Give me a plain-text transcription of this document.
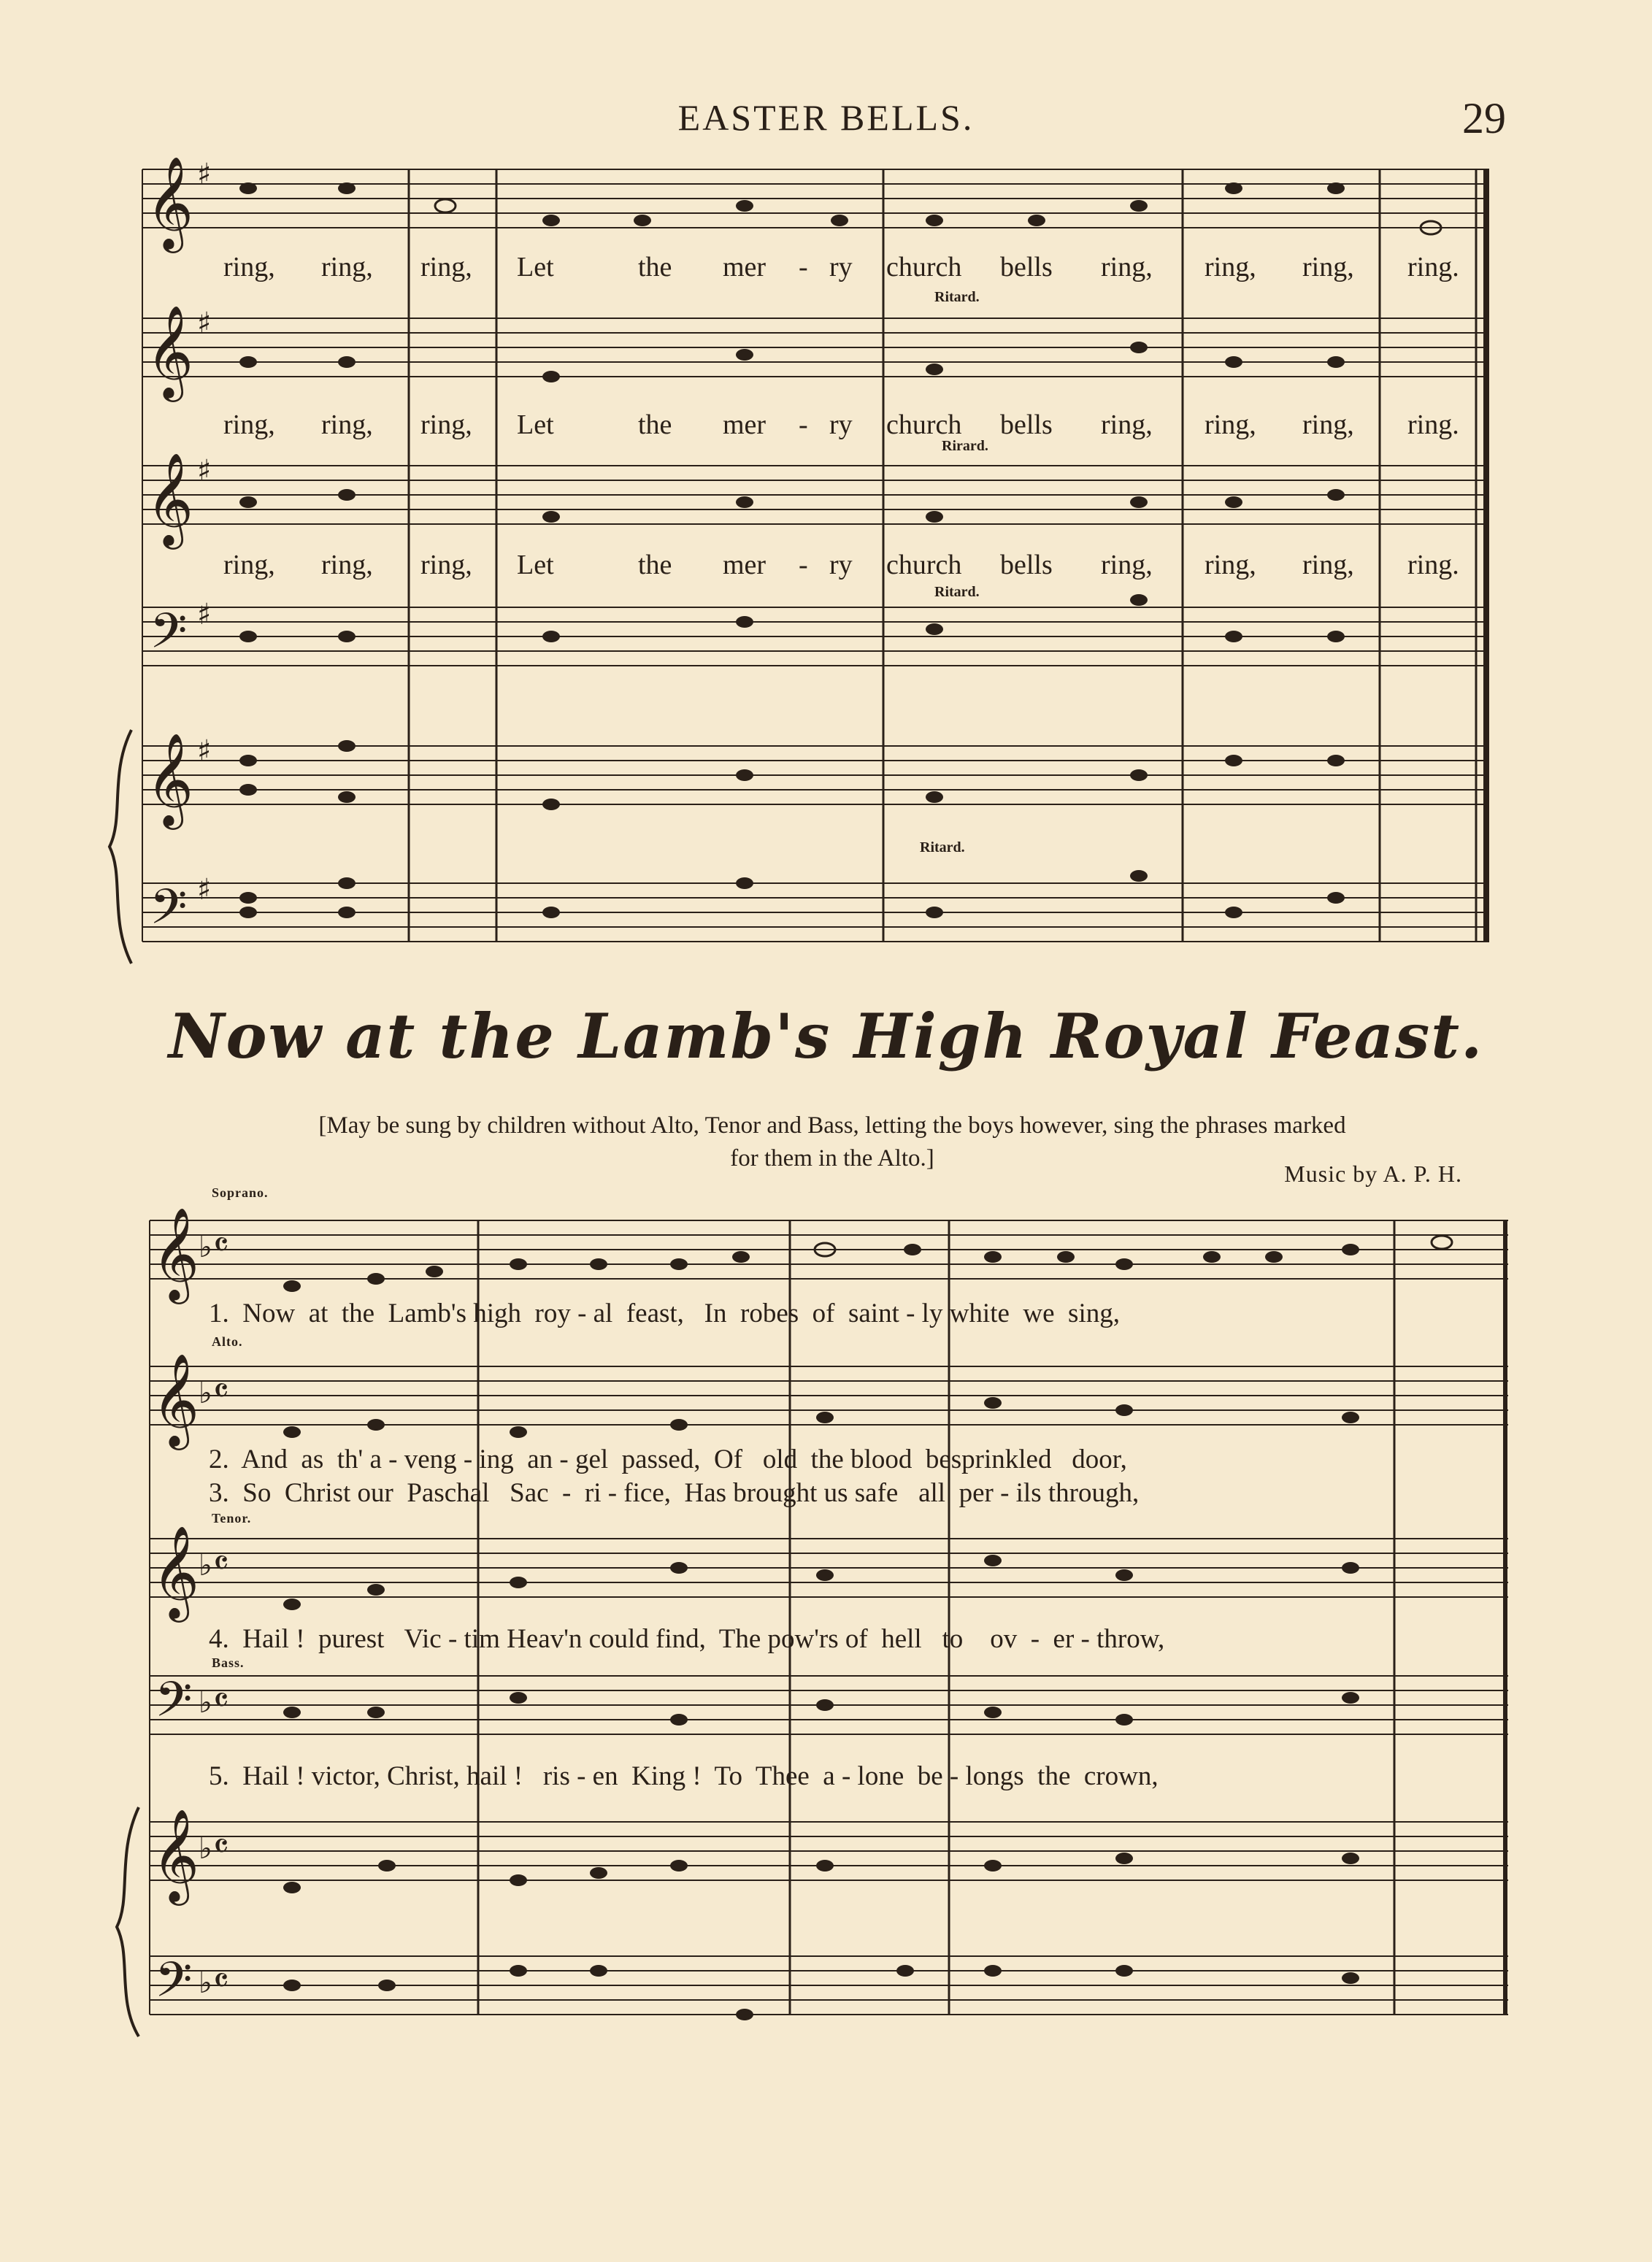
EASTER BELLS.	29
𝄞
𝄞
𝄞
𝄢
𝄞
𝄢
♯
♯
♯
♯
♯
♯
Ritard.
Rirard.
Ritard.
Ritard.
ring, ring, ring, Let	the mer - ry church bells ring, ring, ring, ring.
ring, ring, ring, Let	the mer - ry church bells ring, ring, ring, ring.
ring, ring, ring, Let	the mer - ry church bells ring, ring, ring, ring.
Now at the Lamb's High Royal Feast.
[May be sung by children without Alto, Tenor and Bass, letting the boys however, sing the phrases marked
for them in the Alto.]
Music by A. P. H.
Soprano.
Alto.
Tenor.
Bass.
𝄞
𝄞
𝄞
𝄢
𝄞
𝄢
♭ 𝄴
♭ 𝄴
♭ 𝄴
♭ 𝄴
♭ 𝄴
♭ 𝄴
1.  Now  at  the  Lamb's high  roy - al  feast,   In  robes  of  saint - ly white  we  sing,
2.  And  as  th' a - veng - ing  an - gel  passed,  Of   old  the blood  besprinkled   door,
3.  So  Christ our  Paschal   Sac  -  ri - fice,  Has brought us safe   all  per - ils through,
4.  Hail !  purest   Vic - tim Heav'n could find,  The pow'rs of  hell   to    ov  -  er - throw,
5.  Hail ! victor, Christ, hail !   ris - en  King !  To  Thee  a - lone  be - longs  the  crown,
